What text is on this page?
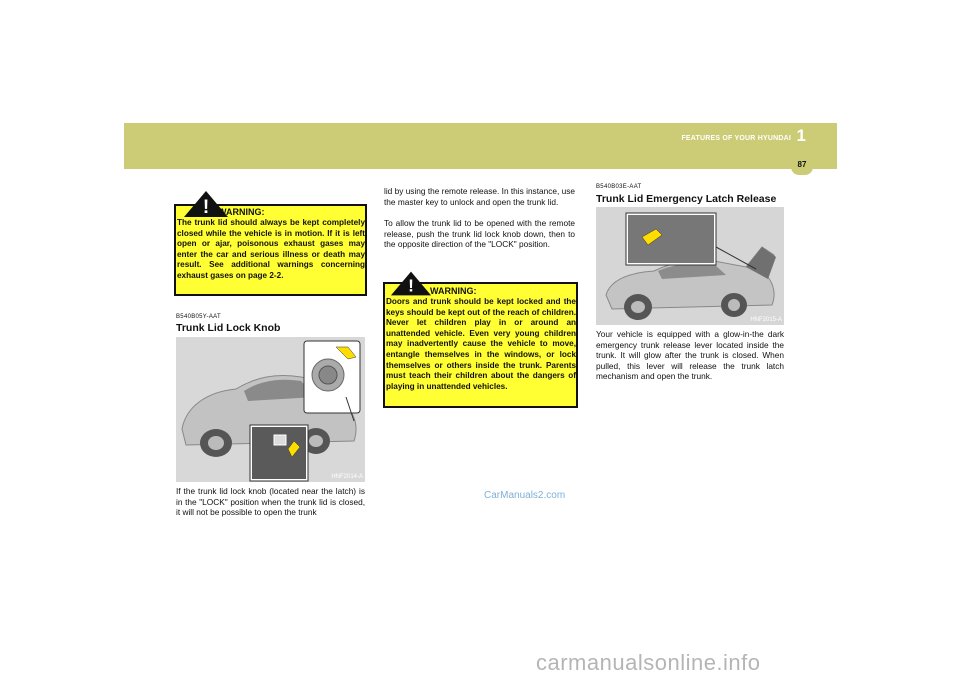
FEATURES OF YOUR HYUNDAI 1
87
! WARNING:
The trunk lid should always be kept completely closed while the vehicle is in motion. If it is left open or ajar, poisonous exhaust gases may enter the car and serious illness or death may result. See additional warnings concerning exhaust gases on page 2-2.
B540B05Y-AAT
Trunk Lid Lock Knob
HNF2014-A
If the trunk lid lock knob (located near the latch) is in the "LOCK" position when the trunk lid is closed, it will not be possible to open the trunk
lid by using the remote release. In this instance, use the master key to unlock and open the trunk lid.
To allow the trunk lid to be opened with the remote release, push the trunk lid lock knob down, then to the opposite direction of the "LOCK" position.
! WARNING:
Doors and trunk should be kept locked and the keys should be kept out of the reach of children. Never let children play in or around an unattended vehicle. Even very young children may inadvertently cause the vehicle to move, entangle themselves in the windows, or lock themselves or others inside the trunk. Parents must teach their children about the dangers of playing in unattended vehicles.
CarManuals2.com
B540B03E-AAT
Trunk Lid Emergency Latch Release
HNF2015-A
Your vehicle is equipped with a glow-in-the dark emergency trunk release lever located inside the trunk. It will glow after the trunk is closed. When pulled, this lever will release the trunk latch mechanism and open the trunk.
carmanualsonline.info
